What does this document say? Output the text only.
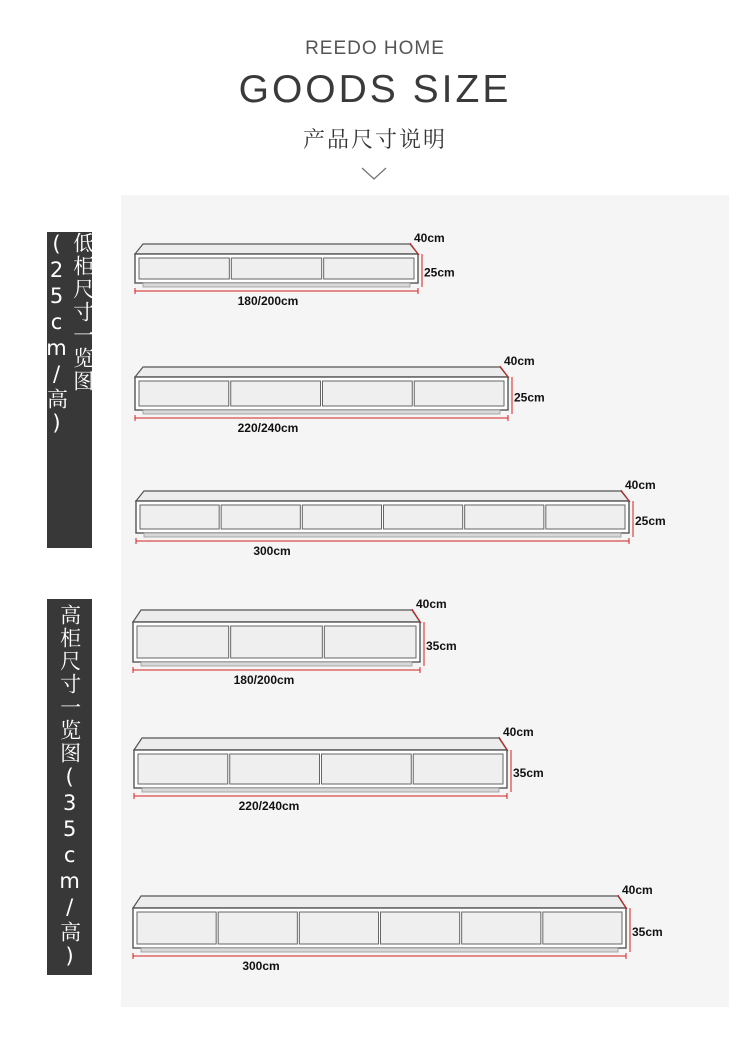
REEDO HOME
GOODS SIZE
产品尺寸说明
低柜尺寸一览图(25cm/高)
高柜尺寸一览图(35cm/高)
180/200cm
40cm
25cm
220/240cm
40cm
25cm
300cm
40cm
25cm
180/200cm
40cm
35cm
220/240cm
40cm
35cm
300cm
40cm
35cm
